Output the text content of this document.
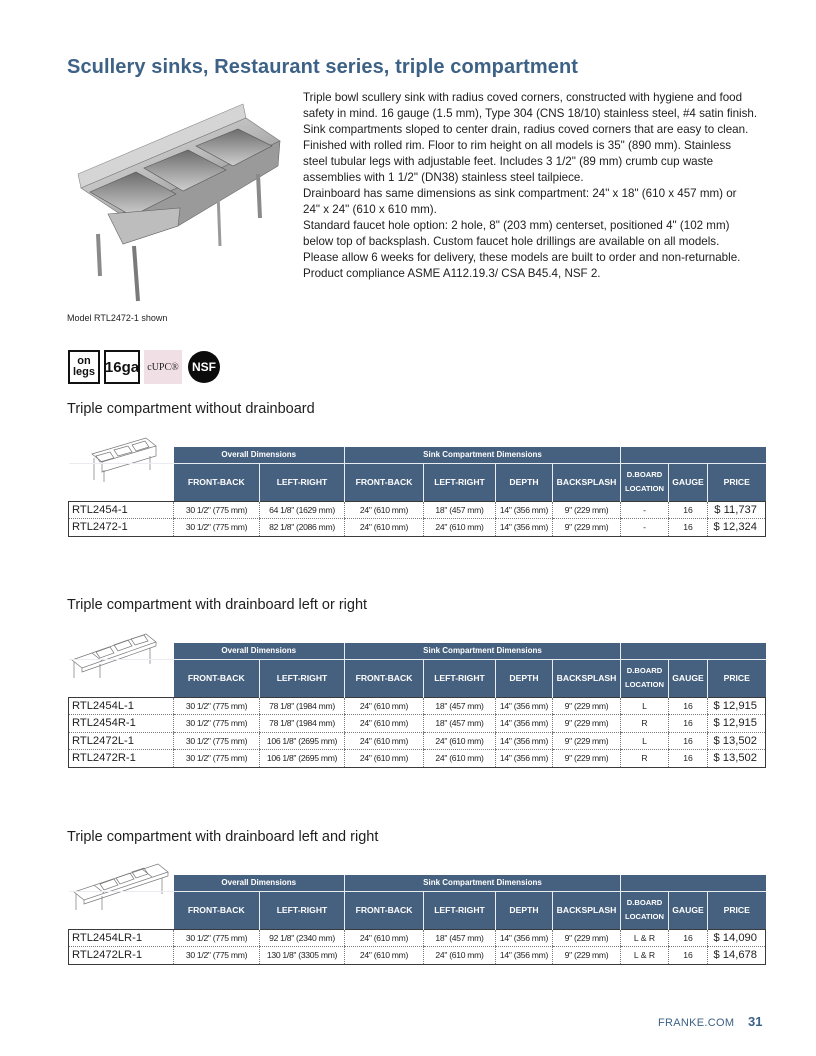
Scullery sinks, Restaurant series, triple compartment
Model RTL2472-1 shown

Triple bowl scullery sink with radius coved corners, constructed with hygiene and food

safety in mind. 16 gauge (1.5 mm), Type 304 (CNS 18/10) stainless steel, #4 satin finish.

Sink compartments sloped to center drain, radius coved corners that are easy to clean.

Finished with rolled rim. Floor to rim height on all models is 35" (890 mm). Stainless

steel tubular legs with adjustable feet. Includes 3 1/2" (89 mm) crumb cup waste

assemblies with 1 1/2" (DN38) stainless steel tailpiece.

Drainboard has same dimensions as sink compartment: 24" x 18" (610 x 457 mm) or

24" x 24" (610 x 610 mm).

Standard faucet hole option: 2 hole, 8" (203 mm) centerset, positioned 4" (102 mm)

below top of backsplash. Custom faucet hole drillings are available on all models.

Please allow 6 weeks for delivery, these models are built to order and non-returnable.

Product compliance ASME A112.19.3/ CSA B45.4, NSF 2.

on
legs 16ga cUPC®	NSF
Triple compartment without drainboard
	Overall Dimensions		Sink Compartment Dimensions						
	FRONT-BACK	LEFT-RIGHT	FRONT-BACK	LEFT-RIGHT	DEPTH	BACKSPLASH	D.BOARD LOCATION	GAUGE	PRICE
RTL2454-1	30 1/2" (775 mm)	64 1/8" (1629 mm)	24" (610 mm)	18" (457 mm)	14" (356 mm)	9" (229 mm)	-	16	$ 11,737
RTL2472-1	30 1/2" (775 mm)	82 1/8" (2086 mm)	24" (610 mm)	24" (610 mm)	14" (356 mm)	9" (229 mm)	-	16	$ 12,324
Triple compartment with drainboard left or right
	Overall Dimensions		Sink Compartment Dimensions						
	FRONT-BACK	LEFT-RIGHT	FRONT-BACK	LEFT-RIGHT	DEPTH	BACKSPLASH	D.BOARD LOCATION	GAUGE	PRICE
RTL2454L-1	30 1/2" (775 mm)	78 1/8" (1984 mm)	24" (610 mm)	18" (457 mm)	14" (356 mm)	9" (229 mm)	L	16	$ 12,915
RTL2454R-1	30 1/2" (775 mm)	78 1/8" (1984 mm)	24" (610 mm)	18" (457 mm)	14" (356 mm)	9" (229 mm)	R	16	$ 12,915
RTL2472L-1	30 1/2" (775 mm)	106 1/8" (2695 mm)	24" (610 mm)	24" (610 mm)	14" (356 mm)	9" (229 mm)	L	16	$ 13,502
RTL2472R-1	30 1/2" (775 mm)	106 1/8" (2695 mm)	24" (610 mm)	24" (610 mm)	14" (356 mm)	9" (229 mm)	R	16	$ 13,502
Triple compartment with drainboard left and right
	Overall Dimensions		Sink Compartment Dimensions						
	FRONT-BACK	LEFT-RIGHT	FRONT-BACK	LEFT-RIGHT	DEPTH	BACKSPLASH	D.BOARD LOCATION	GAUGE	PRICE
RTL2454LR-1	30 1/2" (775 mm)	92 1/8" (2340 mm)	24" (610 mm)	18" (457 mm)	14" (356 mm)	9" (229 mm)	L & R	16	$ 14,090
RTL2472LR-1	30 1/2" (775 mm)	130 1/8" (3305 mm)	24" (610 mm)	24" (610 mm)	14" (356 mm)	9" (229 mm)	L & R	16	$ 14,678
FRANKE.COM 31
